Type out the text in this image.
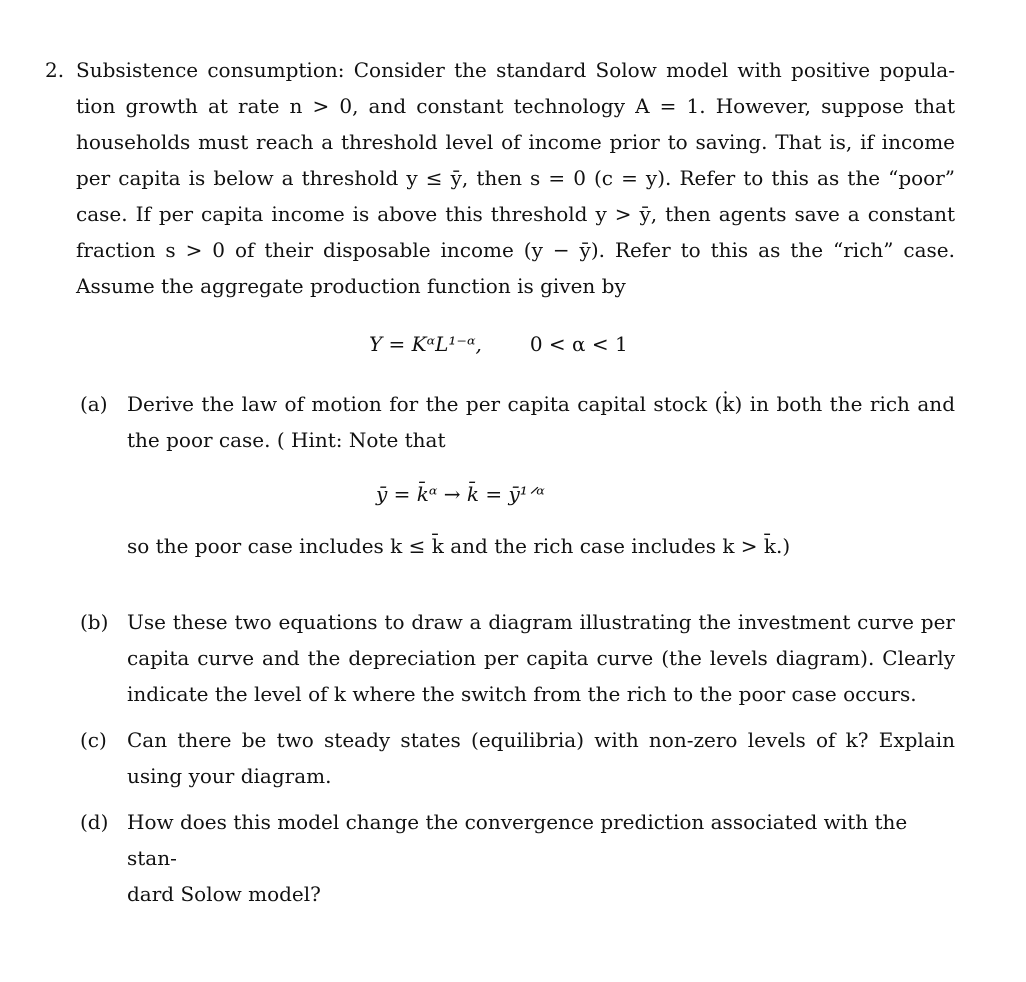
2. Subsistence consumption: Consider the standard Solow model with positive popula-
tion growth at rate n > 0, and constant technology A = 1. However, suppose that
households must reach a threshold level of income prior to saving. That is, if income
per capita is below a threshold y ≤ ȳ, then s = 0 (c = y). Refer to this as the “poor”
case. If per capita income is above this threshold y > ȳ, then agents save a constant
fraction s > 0 of their disposable income (y − ȳ). Refer to this as the “rich” case.
Assume the aggregate production function is given by
Y = KᵅL¹⁻ᵅ, 0 < α < 1
(a) Derive the law of motion for the per capita capital stock (k̇) in both the rich and
the poor case. ( Hint: Note that
ȳ = k̄ᵅ → k̄ = ȳ¹ᐟᵅ
so the poor case includes k ≤ k̄ and the rich case includes k > k̄.)
(b) Use these two equations to draw a diagram illustrating the investment curve per
capita curve and the depreciation per capita curve (the levels diagram). Clearly
indicate the level of k where the switch from the rich to the poor case occurs.
(c) Can there be two steady states (equilibria) with non-zero levels of k? Explain
using your diagram.
(d) How does this model change the convergence prediction associated with the stan-
dard Solow model?
